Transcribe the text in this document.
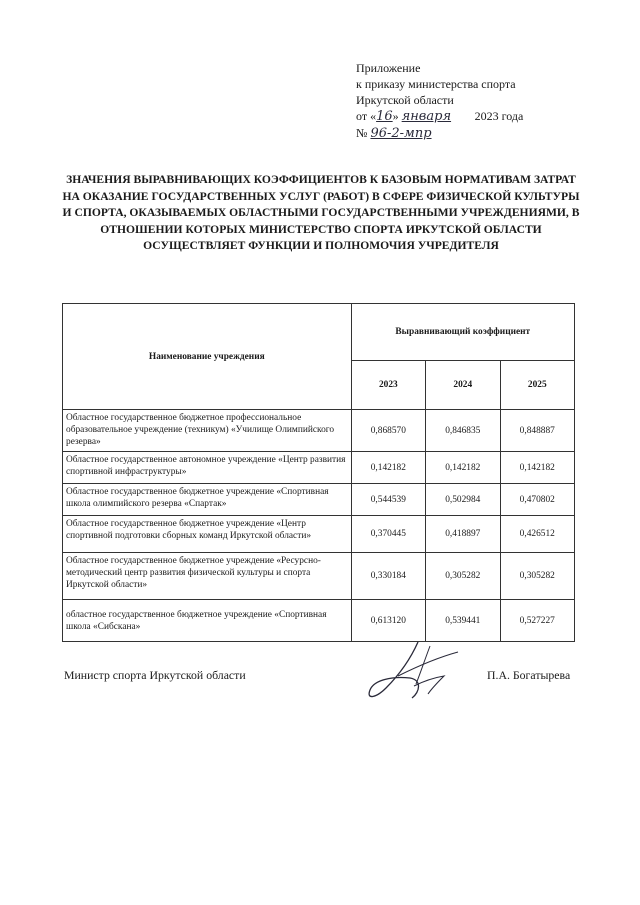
Приложение
к приказу министерства спорта
Иркутской области
от «16» января 2023 года
№ 96-2-мпр
ЗНАЧЕНИЯ ВЫРАВНИВАЮЩИХ КОЭФФИЦИЕНТОВ К БАЗОВЫМ НОРМАТИВАМ ЗАТРАТ НА ОКАЗАНИЕ ГОСУДАРСТВЕННЫХ УСЛУГ (РАБОТ) В СФЕРЕ ФИЗИЧЕСКОЙ КУЛЬТУРЫ И СПОРТА, ОКАЗЫВАЕМЫХ ОБЛАСТНЫМИ ГОСУДАРСТВЕННЫМИ УЧРЕЖДЕНИЯМИ, В ОТНОШЕНИИ КОТОРЫХ МИНИСТЕРСТВО СПОРТА ИРКУТСКОЙ ОБЛАСТИ ОСУЩЕСТВЛЯЕТ ФУНКЦИИ И ПОЛНОМОЧИЯ УЧРЕДИТЕЛЯ
Наименование учреждения	Выравнивающий коэффициент		
	2023	2024	2025
Областное государственное бюджетное профессиональное образовательное учреждение (техникум) «Училище Олимпийского резерва»	0,868570	0,846835	0,848887
Областное государственное автономное учреждение «Центр развития спортивной инфраструктуры»	0,142182	0,142182	0,142182
Областное государственное бюджетное учреждение «Спортивная школа олимпийского резерва «Спартак»	0,544539	0,502984	0,470802
Областное государственное бюджетное учреждение «Центр спортивной подготовки сборных команд Иркутской области»	0,370445	0,418897	0,426512
Областное государственное бюджетное учреждение «Ресурсно-методический центр развития физической культуры и спорта Иркутской области»	0,330184	0,305282	0,305282
областное государственное бюджетное учреждение «Спортивная школа «Сибскана»	0,613120	0,539441	0,527227
Министр спорта Иркутской области	П.А. Богатырева
